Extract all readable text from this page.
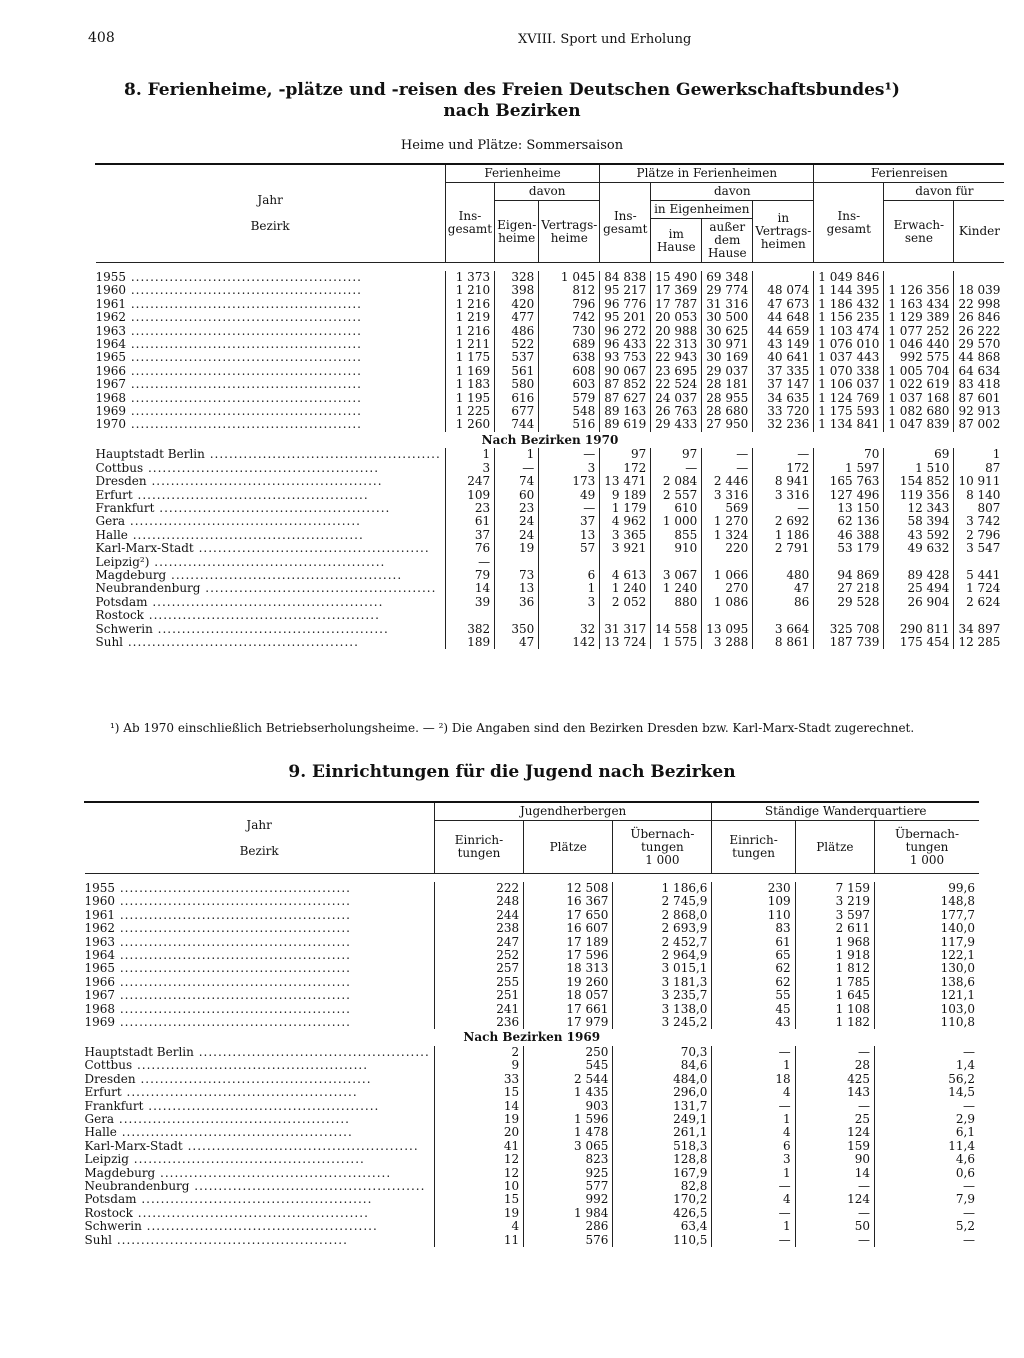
408	XVIII. Sport und Erholung
8. Ferienheime, -plätze und -reisen des Freien Deutschen Gewerkschaftsbundes¹)
nach Bezirken
Heime und Plätze: Sommersaison

Jahr

Bezirk	Ferienheime			Plätze in Ferienheimen				Ferienreisen		
	Ins-gesamt	davon		Ins-gesamt	davon			Ins-gesamt	davon für	
		Eigen-heime	Vertrags-heime		in Eigenheimen		in Vertrags-heimen		Erwach-sene	Kinder
					im Hause	außer dem Hause				

1955 .....	1 373	328	1 045	84 838	15 490	69 348		1 049 846		

1960 .....	1 210	398	812	95 217	17 369	29 774	48 074	1 144 395	1 126 356	18 039

1961 .....	1 216	420	796	96 776	17 787	31 316	47 673	1 186 432	1 163 434	22 998

1962 .....	1 219	477	742	95 201	20 053	30 500	44 648	1 156 235	1 129 389	26 846

1963 .....	1 216	486	730	96 272	20 988	30 625	44 659	1 103 474	1 077 252	26 222

1964 .....	1 211	522	689	96 433	22 313	30 971	43 149	1 076 010	1 046 440	29 570

1965 .....	1 175	537	638	93 753	22 943	30 169	40 641	1 037 443	992 575	44 868

1966 .....	1 169	561	608	90 067	23 695	29 037	37 335	1 070 338	1 005 704	64 634

1967 .....	1 183	580	603	87 852	22 524	28 181	37 147	1 106 037	1 022 619	83 418

1968 .....	1 195	616	579	87 627	24 037	28 955	34 635	1 124 769	1 037 168	87 601

1969 .....	1 225	677	548	89 163	26 763	28 680	33 720	1 175 593	1 082 680	92 913

1970 .....	1 260	744	516	89 619	29 433	27 950	32 236	1 134 841	1 047 839	87 002
Nach Bezirken 1970										

Hauptstadt Berlin .....	1	1	—	97	97	—	—	70	69	1

Cottbus .....	3	—	3	172	—	—	172	1 597	1 510	87

Dresden .....	247	74	173	13 471	2 084	2 446	8 941	165 763	154 852	10 911

Erfurt .....	109	60	49	9 189	2 557	3 316	3 316	127 496	119 356	8 140

Frankfurt .....	23	23	—	1 179	610	569	—	13 150	12 343	807

Gera .....	61	24	37	4 962	1 000	1 270	2 692	62 136	58 394	3 742

Halle .....	37	24	13	3 365	855	1 324	1 186	46 388	43 592	2 796

Karl-Marx-Stadt .....	76	19	57	3 921	910	220	2 791	53 179	49 632	3 547

Leipzig²) .....	—									

Magdeburg .....	79	73	6	4 613	3 067	1 066	480	94 869	89 428	5 441

Neubrandenburg .....	14	13	1	1 240	1 240	270	47	27 218	25 494	1 724

Potsdam .....	39	36	3	2 052	880	1 086	86	29 528	26 904	2 624

Rostock .....

Schwerin .....	382	350	32	31 317	14 558	13 095	3 664	325 708	290 811	34 897

Suhl .....	189	47	142	13 724	1 575	3 288	8 861	187 739	175 454	12 285
¹) Ab 1970 einschließlich Betriebserholungsheime. — ²) Die Angaben sind den Bezirken Dresden bzw. Karl-Marx-Stadt zugerechnet.
9. Einrichtungen für die Jugend nach Bezirken

Jahr

Bezirk	Jugendherbergen			Ständige Wanderquartiere		
	Einrich-tungen	Plätze	Übernach-tungen
1 000	Einrich-tungen	Plätze	Übernach-tungen
1 000

1955 .....	222	12 508	1 186,6	230	7 159	99,6

1960 .....	248	16 367	2 745,9	109	3 219	148,8

1961 .....	244	17 650	2 868,0	110	3 597	177,7

1962 .....	238	16 607	2 693,9	83	2 611	140,0

1963 .....	247	17 189	2 452,7	61	1 968	117,9

1964 .....	252	17 596	2 964,9	65	1 918	122,1

1965 .....	257	18 313	3 015,1	62	1 812	130,0

1966 .....	255	19 260	3 181,3	62	1 785	138,6

1967 .....	251	18 057	3 235,7	55	1 645	121,1

1968 .....	241	17 661	3 138,0	45	1 108	103,0

1969 .....	236	17 979	3 245,2	43	1 182	110,8
Nach Bezirken 1969						

Hauptstadt Berlin .....	2	250	70,3	—	—	—

Cottbus .....	9	545	84,6	1	28	1,4

Dresden .....	33	2 544	484,0	18	425	56,2

Erfurt .....	15	1 435	296,0	4	143	14,5

Frankfurt .....	14	903	131,7	—	—	—

Gera .....	19	1 596	249,1	1	25	2,9

Halle .....	20	1 478	261,1	4	124	6,1

Karl-Marx-Stadt .....	41	3 065	518,3	6	159	11,4

Leipzig .....	12	823	128,8	3	90	4,6

Magdeburg .....	12	925	167,9	1	14	0,6

Neubrandenburg .....	10	577	82,8	—	—	—

Potsdam .....	15	992	170,2	4	124	7,9

Rostock .....	19	1 984	426,5	—	—	—

Schwerin .....	4	286	63,4	1	50	5,2

Suhl .....	11	576	110,5	—	—	—
